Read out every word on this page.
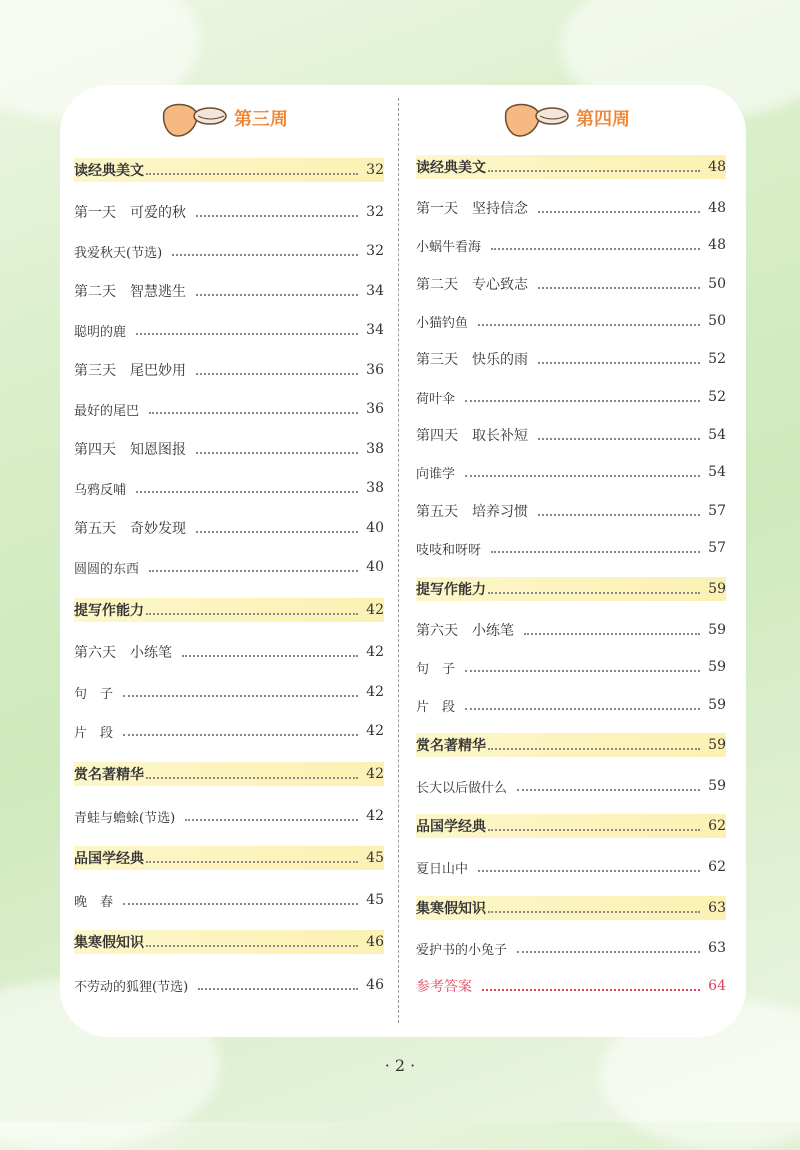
第三周	第四周
读经典美文	32
第一天　可爱的秋	32
我爱秋天(节选)	32
第二天　智慧逃生	34
聪明的鹿	34
第三天　尾巴妙用	36
最好的尾巴	36
第四天　知恩图报	38
乌鸦反哺	38
第五天　奇妙发现	40
圆圆的东西	40
提写作能力	42
第六天　小练笔	42
句　子	42
片　段	42
赏名著精华	42
青蛙与蟾蜍(节选)	42
品国学经典	45
晚　春	45
集寒假知识	46
不劳动的狐狸(节选)	46
读经典美文	48
第一天　坚持信念	48
小蜗牛看海	48
第二天　专心致志	50
小猫钓鱼	50
第三天　快乐的雨	52
荷叶伞	52
第四天　取长补短	54
向谁学	54
第五天　培养习惯	57
吱吱和呀呀	57
提写作能力	59
第六天　小练笔	59
句　子	59
片　段	59
赏名著精华	59
长大以后做什么	59
品国学经典	62
夏日山中	62
集寒假知识	63
爱护书的小兔子	63
参考答案	64
· 2 ·
